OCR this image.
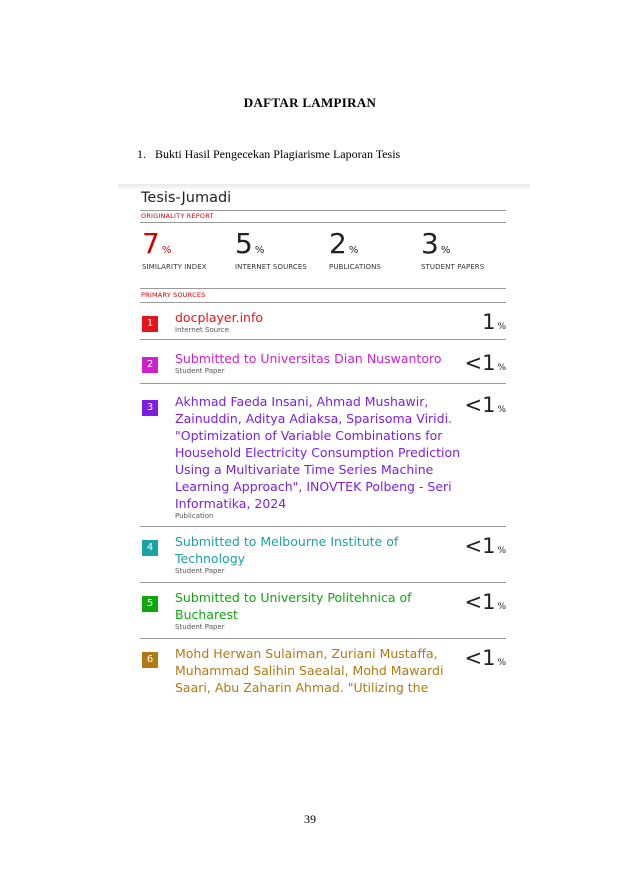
DAFTAR LAMPIRAN
1. Bukti Hasil Pengecekan Plagiarisme Laporan Tesis
Tesis-Jumadi
ORIGINALITY REPORT
7 %
SIMILARITY INDEX
5 %
INTERNET SOURCES
2 %
PUBLICATIONS
3 %
STUDENT PAPERS
PRIMARY SOURCES
1	docplayer.info
Internet Source	1 %
2	Submitted to Universitas Dian Nuswantoro
Student Paper	<1 %
3	Akhmad Faeda Insani, Ahmad Mushawir, Zainuddin, Aditya Adiaksa, Sparisoma Viridi. "Optimization of Variable Combinations for Household Electricity Consumption Prediction Using a Multivariate Time Series Machine Learning Approach", INOVTEK Polbeng - Seri Informatika, 2024
Publication
<1 %
4	Submitted to Melbourne Institute of Technology
Student Paper
<1 %
5	Submitted to University Politehnica of Bucharest
Student Paper
<1 %
6	Mohd Herwan Sulaiman, Zuriani Mustaffa, Muhammad Salihin Saealal, Mohd Mawardi Saari, Abu Zaharin Ahmad. "Utilizing the
<1 %
39
